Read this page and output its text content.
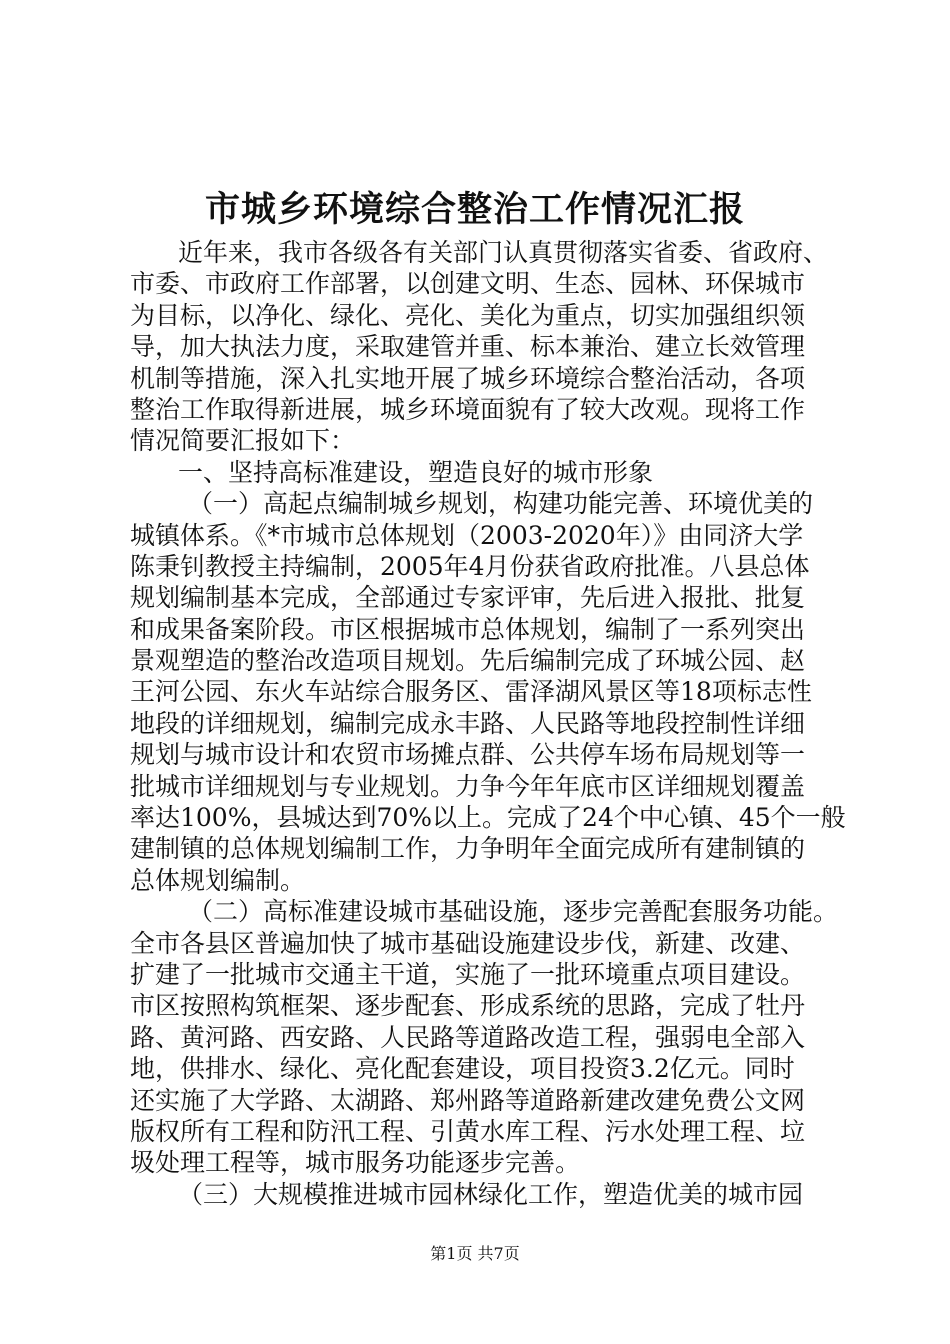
市城乡环境综合整治工作情况汇报
近年来，我市各级各有关部门认真贯彻落实省委、省政府、
市委、市政府工作部署，以创建文明、生态、园林、环保城市
为目标，以净化、绿化、亮化、美化为重点，切实加强组织领
导，加大执法力度，采取建管并重、标本兼治、建立长效管理
机制等措施，深入扎实地开展了城乡环境综合整治活动，各项
整治工作取得新进展，城乡环境面貌有了较大改观。现将工作
情况简要汇报如下：
一、坚持高标准建设，塑造良好的城市形象
（一）高起点编制城乡规划，构建功能完善、环境优美的
城镇体系。《*市城市总体规划（2003-2020年）》由同济大学
陈秉钊教授主持编制，2005年4月份获省政府批准。八县总体
规划编制基本完成，全部通过专家评审，先后进入报批、批复
和成果备案阶段。市区根据城市总体规划，编制了一系列突出
景观塑造的整治改造项目规划。先后编制完成了环城公园、赵
王河公园、东火车站综合服务区、雷泽湖风景区等18项标志性
地段的详细规划，编制完成永丰路、人民路等地段控制性详细
规划与城市设计和农贸市场摊点群、公共停车场布局规划等一
批城市详细规划与专业规划。力争今年年底市区详细规划覆盖
率达100%，县城达到70%以上。完成了24个中心镇、45个一般
建制镇的总体规划编制工作，力争明年全面完成所有建制镇的
总体规划编制。
（二）高标准建设城市基础设施，逐步完善配套服务功能。
全市各县区普遍加快了城市基础设施建设步伐，新建、改建、
扩建了一批城市交通主干道，实施了一批环境重点项目建设。
市区按照构筑框架、逐步配套、形成系统的思路，完成了牡丹
路、黄河路、西安路、人民路等道路改造工程，强弱电全部入
地，供排水、绿化、亮化配套建设，项目投资3.2亿元。同时
还实施了大学路、太湖路、郑州路等道路新建改建免费公文网
版权所有工程和防汛工程、引黄水库工程、污水处理工程、垃
圾处理工程等，城市服务功能逐步完善。
（三）大规模推进城市园林绿化工作，塑造优美的城市园
第1页 共7页
